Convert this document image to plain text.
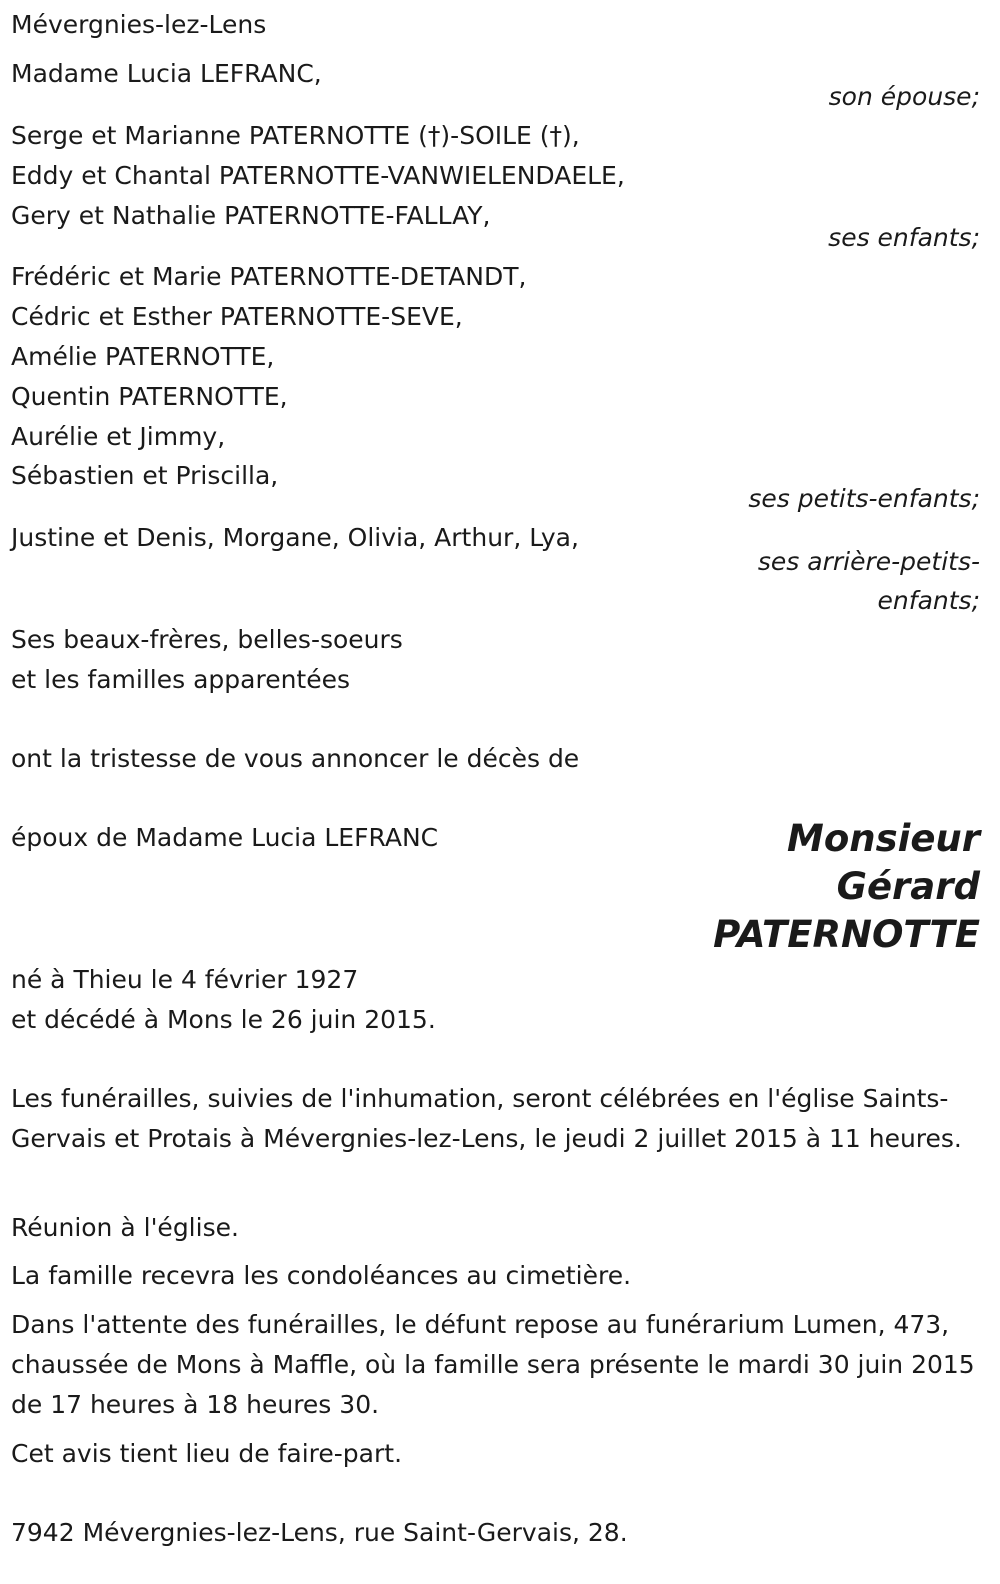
Mévergnies-lez-Lens
Madame Lucia LEFRANC,
son épouse;
Serge et Marianne PATERNOTTE (†)-SOILE (†),
Eddy et Chantal PATERNOTTE-VANWIELENDAELE,
Gery et Nathalie PATERNOTTE-FALLAY,
ses enfants;
Frédéric et Marie PATERNOTTE-DETANDT,
Cédric et Esther PATERNOTTE-SEVE,
Amélie PATERNOTTE,
Quentin PATERNOTTE,
Aurélie et Jimmy,
Sébastien et Priscilla,
ses petits-enfants;
Justine et Denis, Morgane, Olivia, Arthur, Lya,
ses arrière-petits-
enfants;
Ses beaux-frères, belles-soeurs
et les familles apparentées
ont la tristesse de vous annoncer le décès de
époux de Madame Lucia LEFRANC	Monsieur
Gérard
PATERNOTTE
né à Thieu le 4 février 1927
et décédé à Mons le 26 juin 2015.
Les funérailles, suivies de l'inhumation, seront célébrées en l'église Saints-Gervais et Protais à Mévergnies-lez-Lens, le jeudi 2 juillet 2015 à 11 heures.
Réunion à l'église.
La famille recevra les condoléances au cimetière.
Dans l'attente des funérailles, le défunt repose au funérarium Lumen, 473, chaussée de Mons à Maffle, où la famille sera présente le mardi 30 juin 2015 de 17 heures à 18 heures 30.
Cet avis tient lieu de faire-part.
7942 Mévergnies-lez-Lens, rue Saint-Gervais, 28.
